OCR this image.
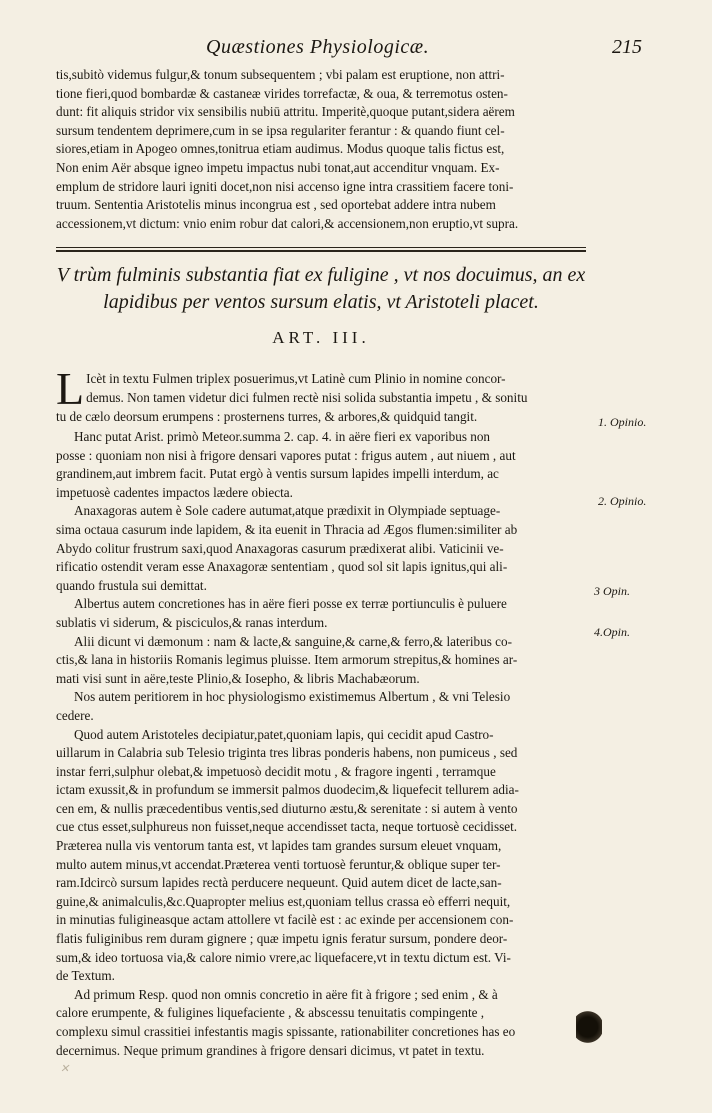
Quæstiones Physiologicæ.	215
tis,subitò videmus fulgur,& tonum subsequentem ; vbi palam est eruptione, non attri-
tione fieri,quod bombardæ & castaneæ virides torrefactæ, & oua, & terremotus osten-
dunt: fit aliquis stridor vix sensibilis nubiū attritu. Imperitè,quoque putant,sidera aërem
sursum tendentem deprimere,cum in se ipsa regulariter ferantur : & quando fiunt cel-
siores,etiam in Apogeo omnes,tonitrua etiam audimus. Modus quoque talis fictus est,
Non enim Aër absque igneo impetu impactus nubi tonat,aut accenditur vnquam. Ex-
emplum de stridore lauri igniti docet,non nisi accenso igne intra crassitiem facere toni-
truum. Sententia Aristotelis minus incongrua est , sed oportebat addere intra nubem
accessionem,vt dictum: vnio enim robur dat calori,& accensionem,non eruptio,vt supra.
V trùm fulminis substantia fiat ex fuligine , vt nos docuimus, an ex
lapidibus per ventos sursum elatis, vt Aristoteli placet.
ART. III.
L Icèt in textu Fulmen triplex posuerimus,vt Latinè cum Plinio in nomine concor-
demus. Non tamen videtur dici fulmen rectè nisi solida substantia impetu , & sonitu
tu de cælo deorsum erumpens : prosternens turres, & arbores,& quidquid tangit.
Hanc putat Arist. primò Meteor.summa 2. cap. 4. in aëre fieri ex vaporibus non
posse : quoniam non nisi à frigore densari vapores putat : frigus autem , aut niuem , aut
grandinem,aut imbrem facit. Putat ergò à ventis sursum lapides impelli interdum, ac
impetuosè cadentes impactos lædere obiecta.
Anaxagoras autem è Sole cadere autumat,atque prædixit in Olympiade septuage-
sima octaua casurum inde lapidem, & ita euenit in Thracia ad Ægos flumen:similiter ab
Abydo colitur frustrum saxi,quod Anaxagoras casurum prædixerat alibi. Vaticinii ve-
rificatio ostendit veram esse Anaxagoræ sententiam , quod sol sit lapis ignitus,qui ali-
quando frustula sui demittat.
Albertus autem concretiones has in aëre fieri posse ex terræ portiunculis è puluere
sublatis vi siderum, & pisciculos,& ranas interdum.
Alii dicunt vi dæmonum : nam & lacte,& sanguine,& carne,& ferro,& lateribus co-
ctis,& lana in historiis Romanis legimus pluisse. Item armorum strepitus,& homines ar-
mati visi sunt in aëre,teste Plinio,& Iosepho, & libris Machabæorum.
Nos autem peritiorem in hoc physiologismo existimemus Albertum , & vni Telesio
cedere.
Quod autem Aristoteles decipiatur,patet,quoniam lapis, qui cecidit apud Castro-
uillarum in Calabria sub Telesio triginta tres libras ponderis habens, non pumiceus , sed
instar ferri,sulphur olebat,& impetuosò decidit motu , & fragore ingenti , terramque
ictam exussit,& in profundum se immersit palmos duodecim,& liquefecit tellurem adia-
cen em, & nullis præcedentibus ventis,sed diuturno æstu,& serenitate : si autem à vento
cue ctus esset,sulphureus non fuisset,neque accendisset tacta, neque tortuosè cecidisset.
Præterea nulla vis ventorum tanta est, vt lapides tam grandes sursum eleuet vnquam,
multo autem minus,vt accendat.Præterea venti tortuosè feruntur,& oblique super ter-
ram.Idcircò sursum lapides rectà perducere nequeunt. Quid autem dicet de lacte,san-
guine,& animalculis,&c.Quapropter melius est,quoniam tellus crassa eò efferri nequit,
in minutias fuligineasque actam attollere vt facilè est : ac exinde per accensionem con-
flatis fuliginibus rem duram gignere ; quæ impetu ignis feratur sursum, pondere deor-
sum,& ideo tortuosa via,& calore nimio vrere,ac liquefacere,vt in textu dictum est. Vi-
de Textum.
Ad primum Resp. quod non omnis concretio in aëre fit à frigore ; sed enim , & à
calore erumpente, & fuligines liquefaciente , & abscessu tenuitatis compingente ,
complexu simul crassitiei infestantis magis spissante, rationabiliter concretiones has eo
decernimus. Neque primum grandines à frigore densari dicimus, vt patet in textu.
1. Opinio.
2. Opinio.
3 Opin.
4.Opin.
✕
